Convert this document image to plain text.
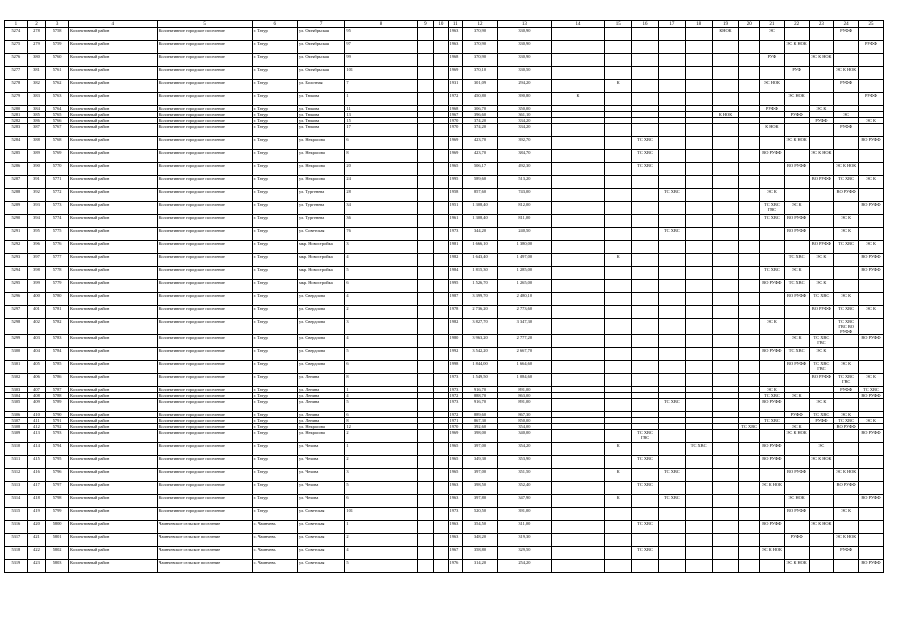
1	2	3	4	5	6	7	8	9	10	11	12	13	14	15	16	17	18	19	20	21	22	23	24	25
5274	278	5758	Коллективный район	Коллективное городское поселение	г. Татур	ул. Октябрьская	95			1963	370,90	330,90						КНОК		ЭС			РУФФ	
5275	279	5759	Коллективный район	Коллективное городское поселение	г. Татур	ул. Октябрьская	97			1963	370,90	330,90									ЭС К НОК			РУФФ
5276	380	5760	Коллективный район	Коллективное городское поселение	г. Татур	ул. Октябрьская	99			1968	370,90	330,90								РУФ		ЭС К НОК		
5277	381	5761	Коллективный район	Коллективное городское поселение	г. Татур	ул. Октябрьская	101			1969	370,10	330,50									РУФ		ЭС К НОК	
5278	382	5762	Коллективный район	Коллективное городское поселение	г. Татур	ул. Болотная	7			1931	301,09	294,20		К						ЭС НОК			РУФФ	
5279	383	5763	Коллективный район	Коллективное городское поселение	г. Татур	ул. Тюкова	1			1972	450,80	390,80	К								ЭС НОК			РУФФ
5280	384	5764	Коллективный район	Коллективное городское поселение	г. Татур	ул. Тюкова	11			1968	306,70	350,00								РУФФ		ЭС К		
5281	385	5765	Коллективный район	Коллективное городское поселение	г. Татур	ул. Тюкова	13			1967	396,60	361,10						К НОК			РУФФ		ЭС	
5282	386	5766	Коллективный район	Коллективное городское поселение	г. Татур	ул. Тюкова	15			1970	374,20	334,20										РУФФ		ЭС К
5283	387	5767	Коллективный район	Коллективное городское поселение	г. Татур	ул. Тюкова	17			1970	374,20	334,20								К НОК			РУФФ	
5284	388	5768	Коллективный район	Коллективное городское поселение	г. Татур	ул. Некрасова	6			1969	423,70	392,70			ТС ХВС						ЭС К НОК			ВО РУФФ
5285	389	5769	Коллективный район	Коллективное городское поселение	г. Татур	ул. Некрасова	8			1969	423,70	384,70			ТС ХВС					ВО РУФФ		ЭС К НОК		
5286	390	5770	Коллективный район	Коллективное городское поселение	г. Татур	ул. Некрасова	20			1965	506,17	492,30			ТС ХВС						ВО РУФФ		ЭС К НОК	
5287	391	5771	Коллективный район	Коллективное городское поселение	г. Татур	ул. Некрасова	24			1995	589,60	513,20										ВО РУФФ	ТС ХВС	ЭС К
5288	392	5772	Коллективный район	Коллективное городское поселение	г. Татур	ул. Тургенева	28			1958	857,60	743,00				ТС ХВС				ЭС К			ВО РУФФ	
5289	393	5773	Коллективный район	Коллективное городское поселение	г. Татур	ул. Тургенева	34			1951	1 308,40	812,00								ТС ХВС ГВС	ЭС К			ВО РУФФ
5290	394	5774	Коллективный район	Коллективное городское поселение	г. Татур	ул. Тургенева	36			1961	1 308,40	811,00								ТС ХВС	ВО РУФФ		ЭС К	
5291	395	5775	Коллективный район	Коллективное городское поселение	г. Татур	ул. Советская	76			1973	344,20	240,50				ТС ХВС					ВО РУФФ		ЭС К	
5292	396	5776	Коллективный район	Коллективное городское поселение	г. Татур	мкр. Новостройка	3			1981	1 666,10	1 380,00										ВО РУФФ	ТС ХВС	ЭС К
5293	397	5777	Коллективный район	Коллективное городское поселение	г. Татур	мкр. Новостройка	4			1982	1 643,40	1 497,00		К							ТС ХВС	ЭС К		ВО РУФФ
5294	398	5778	Коллективный район	Коллективное городское поселение	г. Татур	мкр. Новостройка	5			1984	1 815,30	1 285,00								ТС ХВС	ЭС К			ВО РУФФ
5295	399	5779	Коллективный район	Коллективное городское поселение	г. Татур	мкр. Новостройка	6			1995	1 526,70	1 265,00								ВО РУФФ	ТС ХВС	ЭС К		
5296	400	5780	Коллективный район	Коллективное городское поселение	г. Татур	ул. Свердлова	4			1987	3 399,70	2 480,10									ВО РУФФ	ТС ХВС	ЭС К	
5297	401	5781	Коллективный район	Коллективное городское поселение	г. Татур	ул. Свердлова	2			1978	2 736,20	2 773,60										ВО РУФФ	ТС ХВС	ЭС К
5298	402	5782	Коллективный район	Коллективное городское поселение	г. Татур	ул. Свердлова	3			1982	3 827,70	3 347,30								ЭС К			ТС ХВС ГВС ВО РУФФ	
5299	403	5783	Коллективный район	Коллективное городское поселение	г. Татур	ул. Свердлова	4			1980	3 963,20	2 777,20									ЭС К	ТС ХВС ГВС		ВО РУФФ
5300	404	5784	Коллективный район	Коллективное городское поселение	г. Татур	ул. Свердлова	5			1992	3 542,20	2 667,70								ВО РУФФ	ТС ХВС	ЭС К		
5301	405	5785	Коллективный район	Коллективное городское поселение	г. Татур	ул. Свердлова	6			1998	1 844,00	1 664,60									ВО РУФФ	ТС ХВС ГВС	ЭС К	
5302	406	5786	Коллективный район	Коллективное городское поселение	г. Татур	ул. Ленина	8			1973	1 549,50	1 084,60										ВО РУФФ	ТС ХВС ГВС	ЭС К
5303	407	5787	Коллективный район	Коллективное городское поселение	г. Татур	ул. Ленина	1			1973	916,70	891,00								ЭС К			РУФФ	ТС ХВС
5304	408	5788	Коллективный район	Коллективное городское поселение	г. Татур	ул. Ленина	4			1972	888,70	863,00								ТС ХВС	ЭС К			ВО РУФФ
5305	409	5789	Коллективный район	Коллективное городское поселение	г. Татур	ул. Ленина	5			1973	916,70	891,00				ТС ХВС				ВО РУФФ		ЭС К		
5306	410	5790	Коллективный район	Коллективное городское поселение	г. Татур	ул. Ленина	6			1972	889,60	867,30									РУФФ	ТС ХВС	ЭС К	
5307	411	5791	Коллективный район	Коллективное городское поселение	г. Татур	ул. Ленина	8			1971	867,30	850,00								ТС ХВС		РУФФ	ТС ХВС	ЭС К
5308	412	5792	Коллективный район	Коллективное городское поселение	г. Татур	ул. Некрасова	12			1970	392,60	354,00							ТС ХВС		ЭС К		ВО РУФФ	
5309	413	5793	Коллективный район	Коллективное городское поселение	г. Татур	ул. Некрасова	2			1969	398,00	340,00			ТС ХВС ГВС						ЭС К НОК			ВО РУФФ
5310	414	5794	Коллективный район	Коллективное городское поселение	г. Татур	ул. Чехова	1			1965	397,00	354,20		К			ТС ХВС			ВО РУФФ		ЭС		
5311	415	5795	Коллективный район	Коллективное городское поселение	г. Татур	ул. Чехова	2			1965	349,30	353,90			ТС ХВС					ВО РУФФ		ЭС К НОК		
5312	416	5796	Коллективный район	Коллективное городское поселение	г. Татур	ул. Чехова	3			1965	397,00	351,50		К		ТС ХВС					ВО РУФФ		ЭС К НОК	
5313	417	5797	Коллективный район	Коллективное городское поселение	г. Татур	ул. Чехова	5			1963	398,50	352,40			ТС ХВС					ЭС К НОК			ВО РУФФ	
5314	418	5798	Коллективный район	Коллективное городское поселение	г. Татур	ул. Чехова	6			1963	397,80	347,90		К		ТС ХВС					ЭС НОК			ВО РУФФ
5315	419	5799	Коллективный район	Коллективное городское поселение	г. Татур	ул. Советская	101			1973	520,50	391,00									ВО РУФФ		ЭС К	
5316	420	5800	Коллективный район	Чаинчевское сельское поселение	с. Чаинчевь	ул. Советская	1			1963	354,50	311,00			ТС ХВС					ВО РУФФ		ЭС К НОК		
5317	421	5801	Коллективный район	Чаинчевское сельское поселение	с. Чаинчевь	ул. Советская	2			1963	348,20	319,30									РУФФ		ЭС К НОК	
5318	422	5802	Коллективный район	Чаинчевское сельское поселение	с. Чаинчевь	ул. Советская	4			1967	358,80	329,50			ТС ХВС					ЭС К НОК			РУФФ	
5319	423	5803	Коллективный район	Чаинчевское сельское поселение	с. Чаинчевь	ул. Советская	5			1976	314,20	254,20									ЭС К НОК			ВО РУФФ
